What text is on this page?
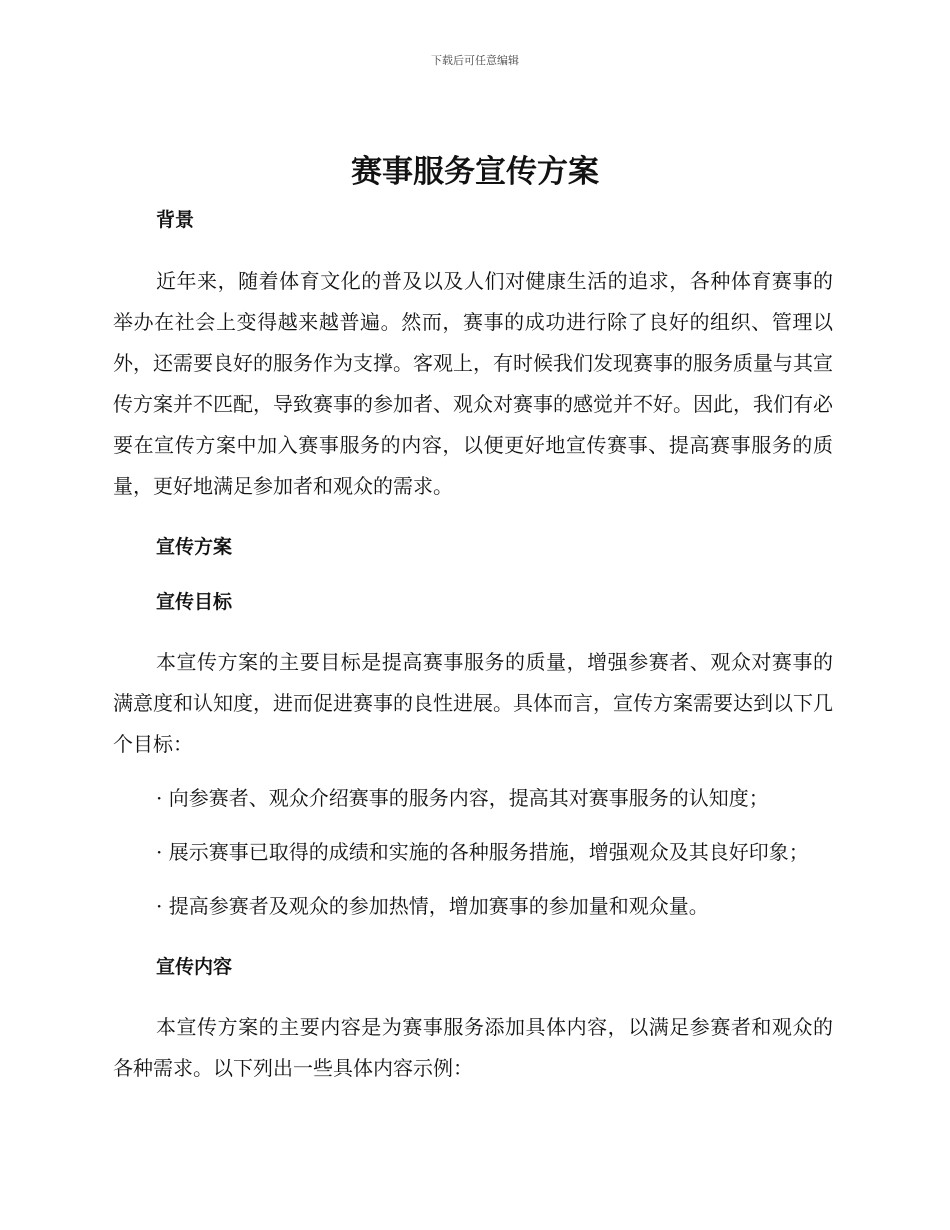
下载后可任意编辑
赛事服务宣传方案
背景

近年来，随着体育文化的普及以及人们对健康生活的追求，各种体育赛事的举办在社会上变得越来越普遍。然而，赛事的成功进行除了良好的组织、管理以外，还需要良好的服务作为支撑。客观上，有时候我们发现赛事的服务质量与其宣传方案并不匹配，导致赛事的参加者、观众对赛事的感觉并不好。因此，我们有必要在宣传方案中加入赛事服务的内容，以便更好地宣传赛事、提高赛事服务的质量，更好地满足参加者和观众的需求。

宣传方案
宣传目标

本宣传方案的主要目标是提高赛事服务的质量，增强参赛者、观众对赛事的满意度和认知度，进而促进赛事的良性进展。具体而言，宣传方案需要达到以下几个目标：

· 向参赛者、观众介绍赛事的服务内容，提高其对赛事服务的认知度；

· 展示赛事已取得的成绩和实施的各种服务措施，增强观众及其良好印象；

· 提高参赛者及观众的参加热情，增加赛事的参加量和观众量。

宣传内容

本宣传方案的主要内容是为赛事服务添加具体内容，以满足参赛者和观众的各种需求。以下列出一些具体内容示例：
